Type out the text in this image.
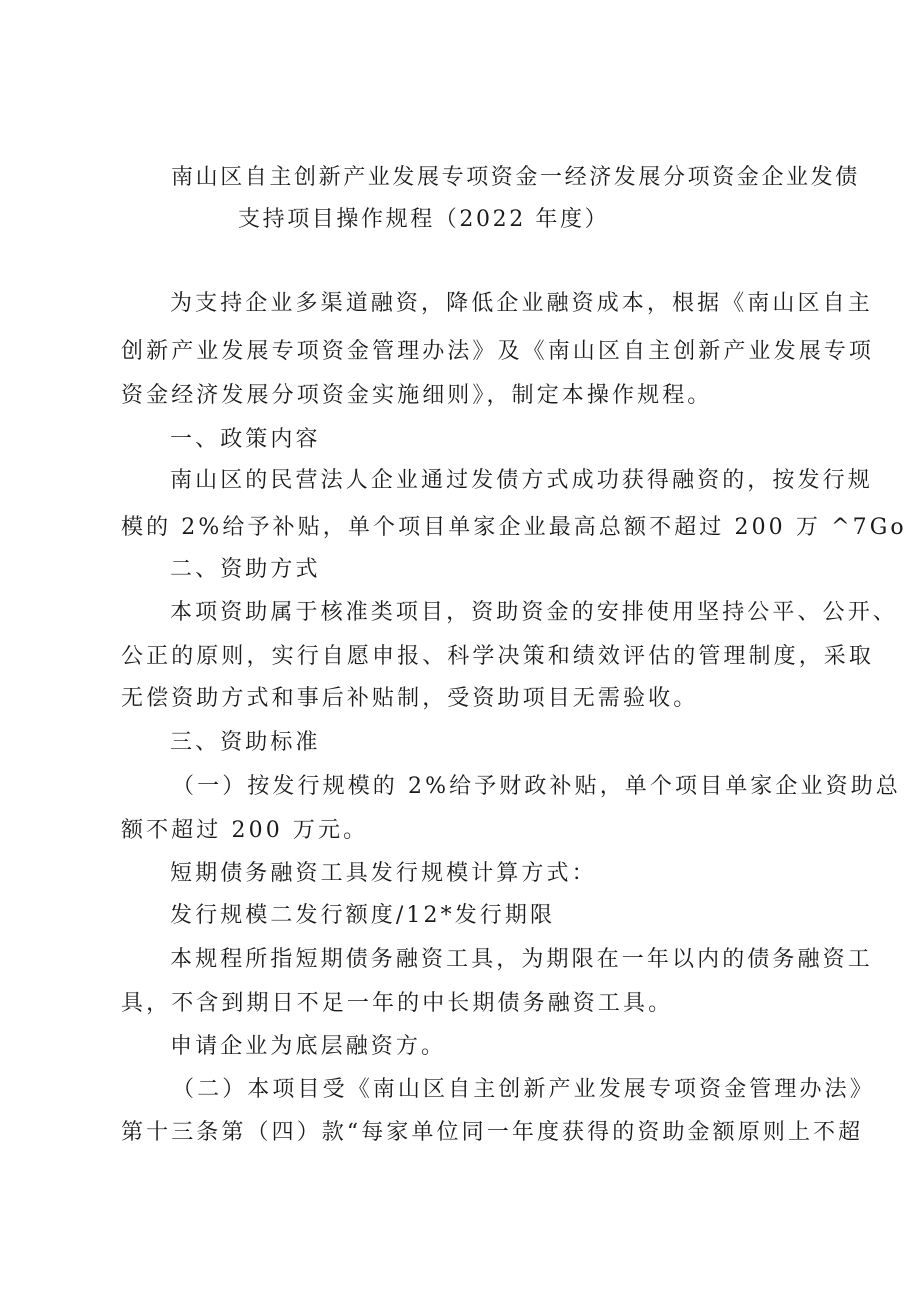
南山区自主创新产业发展专项资金一经济发展分项资金企业发债
支持项目操作规程（2022 年度）
为支持企业多渠道融资，降低企业融资成本，根据《南山区自主
创新产业发展专项资金管理办法》及《南山区自主创新产业发展专项
资金经济发展分项资金实施细则》，制定本操作规程。
一、政策内容
南山区的民营法人企业通过发债方式成功获得融资的，按发行规
模的 2%给予补贴，单个项目单家企业最高总额不超过 200 万 ^7Go
二、资助方式
本项资助属于核准类项目，资助资金的安排使用坚持公平、公开、
公正的原则，实行自愿申报、科学决策和绩效评估的管理制度，采取
无偿资助方式和事后补贴制，受资助项目无需验收。
三、资助标准
（一）按发行规模的 2%给予财政补贴，单个项目单家企业资助总
额不超过 200 万元。
短期债务融资工具发行规模计算方式：
发行规模二发行额度/12*发行期限
本规程所指短期债务融资工具，为期限在一年以内的债务融资工
具，不含到期日不足一年的中长期债务融资工具。
申请企业为底层融资方。
（二）本项目受《南山区自主创新产业发展专项资金管理办法》
第十三条第（四）款“每家单位同一年度获得的资助金额原则上不超
